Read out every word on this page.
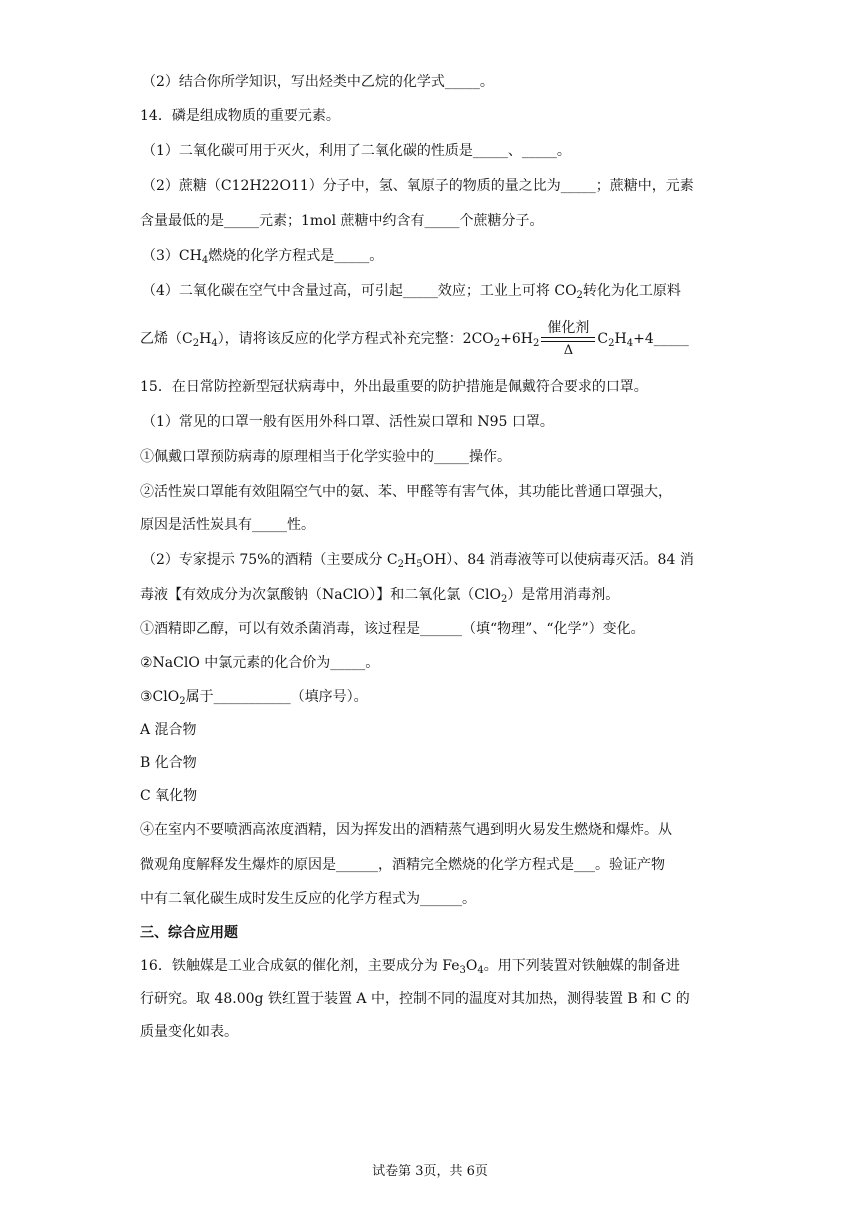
（2）结合你所学知识，写出烃类中乙烷的化学式_____。
14．磷是组成物质的重要元素。
（1）二氧化碳可用于灭火，利用了二氧化碳的性质是_____、_____。
（2）蔗糖（C12H22O11）分子中，氢、氧原子的物质的量之比为_____；蔗糖中，元素
含量最低的是_____元素；1mol 蔗糖中约含有_____个蔗糖分子。
$(3)CH_4$燃烧的化学方程式是_____。
（4）二氧化碳在空气中含量过高，可引起_____效应；工业上可将 $CO_2$转化为化工原料
乙烯$(C_2H_4)$，请将该反应的化学方程式补充完整：$2CO_2+6H_2$
催化剂
Δ
$C_2H_4+4\_\_\_\_\_$
15．在日常防控新型冠状病毒中，外出最重要的防护措施是佩戴符合要求的口罩。
（1）常见的口罩一般有医用外科口罩、活性炭口罩和 N95 口罩。
①佩戴口罩预防病毒的原理相当于化学实验中的_____操作。
②活性炭口罩能有效阻隔空气中的氨、苯、甲醛等有害气体，其功能比普通口罩强大，
原因是活性炭具有_____性。
（2）专家提示 75%的酒精（主要成分 $C_2H_5OH$）、84 消毒液等可以使病毒灭活。84 消
毒液【有效成分为次氯酸钠（NaClO）】和二氧化氯（ClO$_2$）是常用消毒剂。
①酒精即乙醇，可以有效杀菌消毒，该过程是______（填“物理”、“化学”）变化。
②NaClO 中氯元素的化合价为_____。
③ClO$_2$属于___________（填序号）。
A 混合物
B 化合物
C 氧化物
④在室内不要喷洒高浓度酒精，因为挥发出的酒精蒸气遇到明火易发生燃烧和爆炸。从
微观角度解释发生爆炸的原因是______，酒精完全燃烧的化学方程式是___。验证产物
中有二氧化碳生成时发生反应的化学方程式为______。
三、综合应用题
16．铁触媒是工业合成氨的催化剂，主要成分为 $Fe_3O_4$。用下列装置对铁触媒的制备进
行研究。取 48.00g 铁红置于装置 A 中，控制不同的温度对其加热，测得装置 B 和 C 的
质量变化如表。
试卷第 3页，共 6页
